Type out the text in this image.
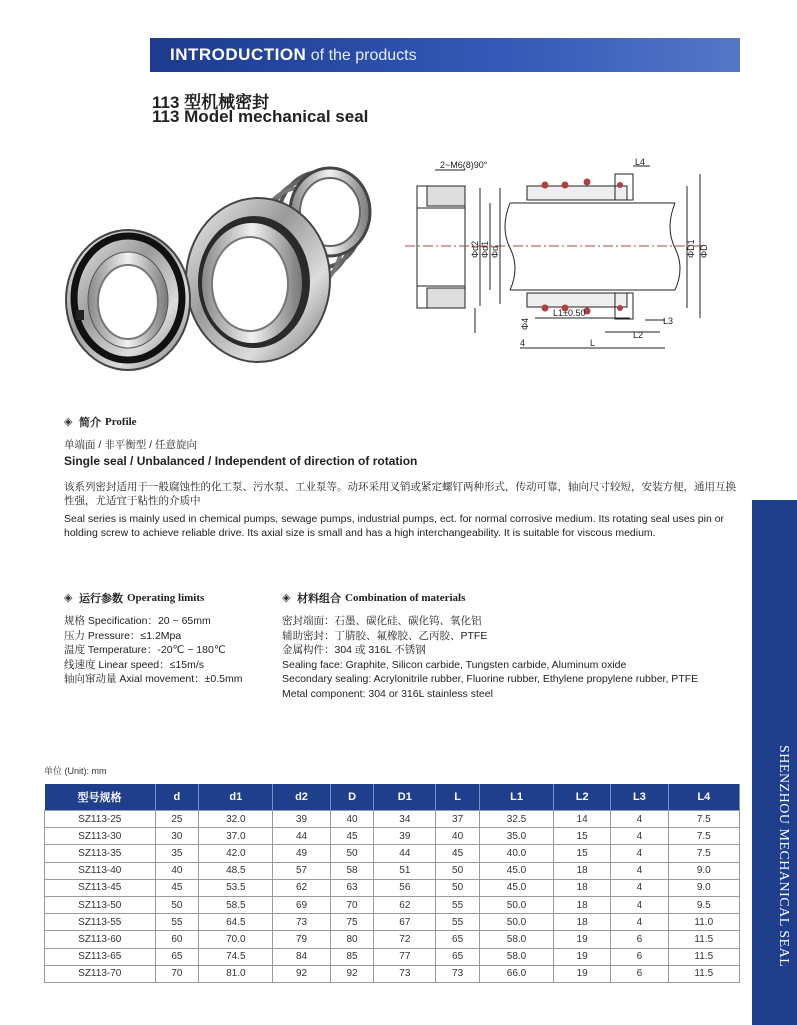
INTRODUCTION of the products
113 型机械密封
113 Model mechanical seal
2~M6(8)90°	L4
Φd2 Φd1 Φd	ΦD1 ΦD
L1±0.50
L3
L2
L
4
Φ4
◈ 简介 Profile
单端面 / 非平衡型 / 任意旋向
Single seal / Unbalanced / Independent of direction of rotation
该系列密封适用于一般腐蚀性的化工泵、污水泵、工业泵等。动环采用叉销或紧定螺钉两种形式，传动可靠，轴向尺寸较短，安装方便，通用互换性强，尤适宜于粘性的介质中
Seal series is mainly used in chemical pumps, sewage pumps, industrial pumps, ect. for normal corrosive medium. Its rotating seal uses pin or holding screw to achieve reliable drive. Its axial size is small and has a high interchangeability. It is suitable for viscous medium.
◈ 运行参数 Operating limits
规格 Specification：20 ~ 65mm
压力 Pressure：≤1.2Mpa
温度 Temperature：-20℃ ~ 180℃
线速度 Linear speed：≤15m/s
轴向窜动量 Axial movement：±0.5mm
◈ 材料组合 Combination of materials
密封端面：石墨、碳化硅、碳化钨、氧化铝
辅助密封：丁腈胶、氟橡胶、乙丙胶、PTFE
金属构件：304 或 316L 不锈钢
Sealing face: Graphite, Silicon carbide, Tungsten carbide, Aluminum oxide
Secondary sealing: Acrylonitrile rubber, Fluorine rubber, Ethylene propylene rubber, PTFE
Metal component: 304 or 316L stainless steel
SHENZHOU MECHANICAL SEAL
单位 (Unit): mm
型号规格	d	d1	d2	D	D1	L	L1	L2	L3	L4
SZ113-25	25	32.0	39	40	34	37	32.5	14	4	7.5
SZ113-30	30	37.0	44	45	39	40	35.0	15	4	7.5
SZ113-35	35	42.0	49	50	44	45	40.0	15	4	7.5
SZ113-40	40	48.5	57	58	51	50	45.0	18	4	9.0
SZ113-45	45	53.5	62	63	56	50	45.0	18	4	9.0
SZ113-50	50	58.5	69	70	62	55	50.0	18	4	9.5
SZ113-55	55	64.5	73	75	67	55	50.0	18	4	11.0
SZ113-60	60	70.0	79	80	72	65	58.0	19	6	11.5
SZ113-65	65	74.5	84	85	77	65	58.0	19	6	11.5
SZ113-70	70	81.0	92	92	73	73	66.0	19	6	11.5
